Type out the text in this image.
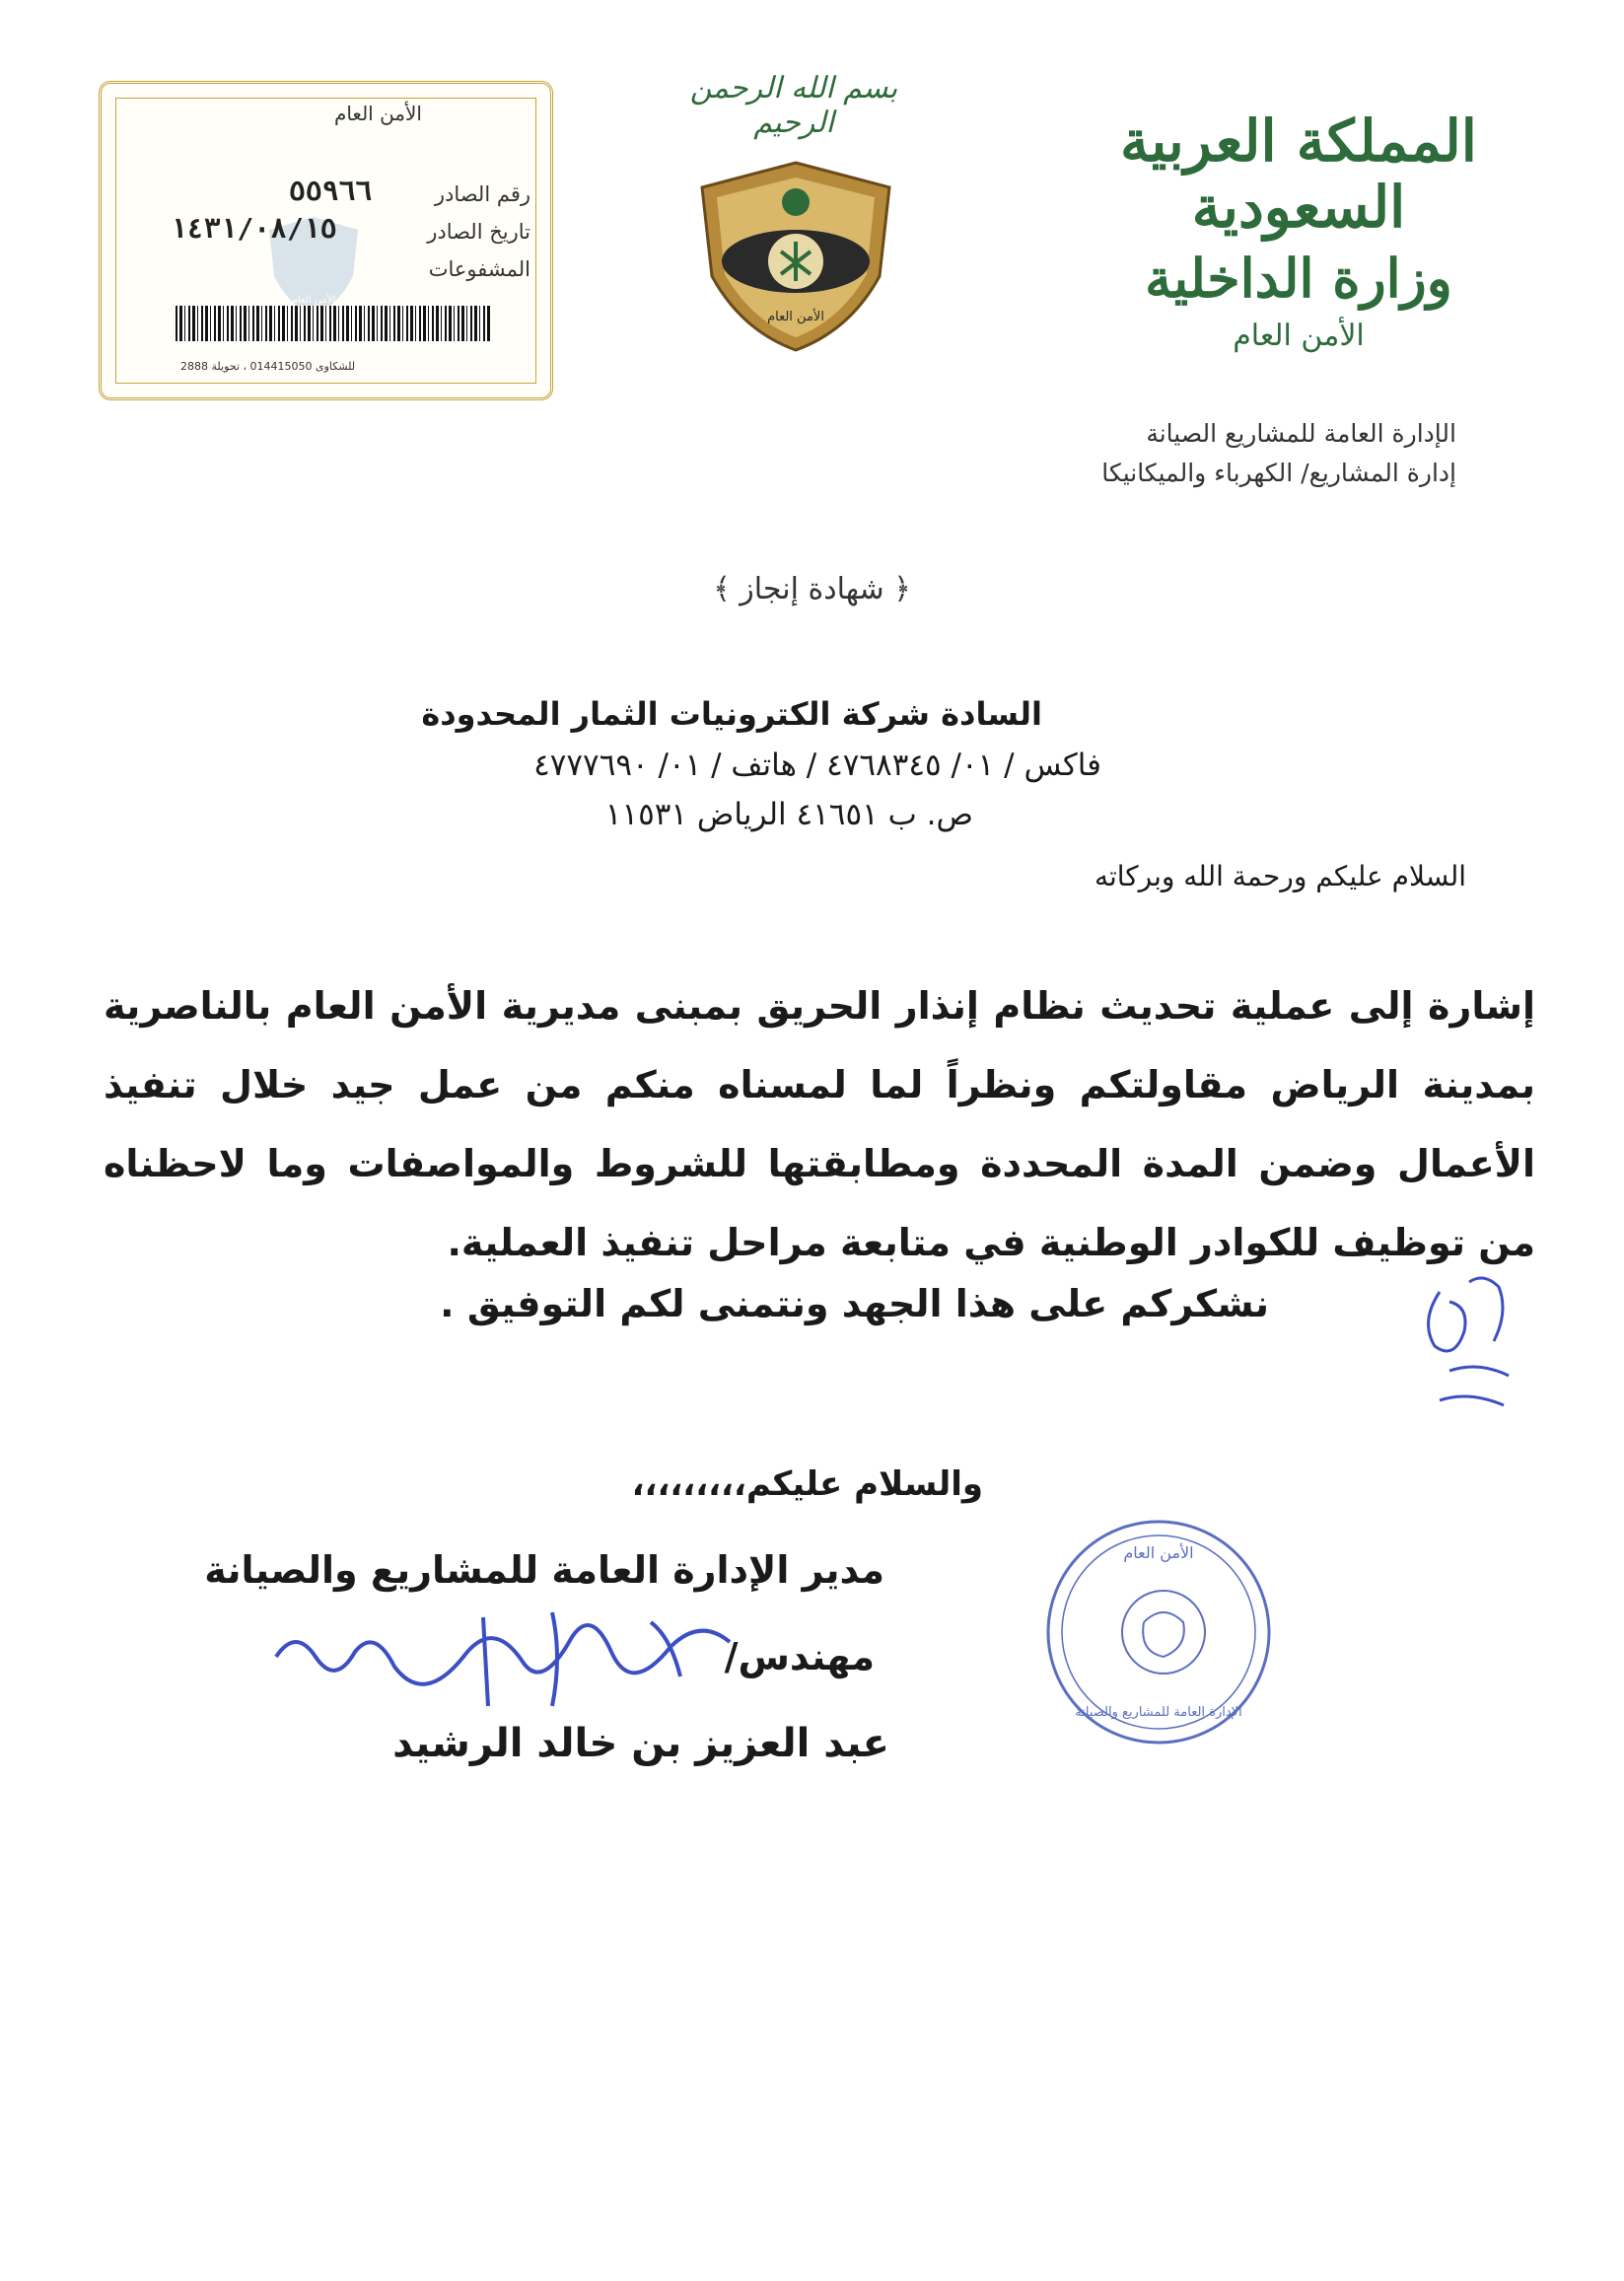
المملكة العربية السعودية
وزارة الداخلية
الأمن العام
بسم الله الرحمن الرحيم
الأمن العام
الأمن العام
الأمن العام
رقم الصادر
٥٥٩٦٦
تاريخ الصادر
١٤٣١/٠٨/١٥
المشفوعات
للشكاوى 014415050 ، تحويلة 2888
الإدارة العامة للمشاريع الصيانة
إدارة المشاريع/ الكهرباء والميكانيكا
﴿ شهادة إنجاز ﴾
السادة شركة الكترونيات الثمار المحدودة
فاكس / ٠١/ ٤٧٦٨٣٤٥ / هاتف / ٠١/ ٤٧٧٧٦٩٠
ص. ب ٤١٦٥١ الرياض ١١٥٣١
السلام عليكم ورحمة الله وبركاته
إشارة إلى عملية تحديث نظام إنذار الحريق بمبنى مديرية الأمن العام بالناصرية بمدينة الرياض مقاولتكم ونظراً لما لمسناه منكم من عمل جيد خلال تنفيذ الأعمال وضمن المدة المحددة ومطابقتها للشروط والمواصفات وما لاحظناه من توظيف للكوادر الوطنية في متابعة مراحل تنفيذ العملية.
نشكركم على هذا الجهد ونتمنى لكم التوفيق .
والسلام عليكم،،،،،،،،،
مدير الإدارة العامة للمشاريع والصيانة
مهندس/
عبد العزيز بن خالد الرشيد
الأمن العام
الإدارة العامة للمشاريع والصيانة
